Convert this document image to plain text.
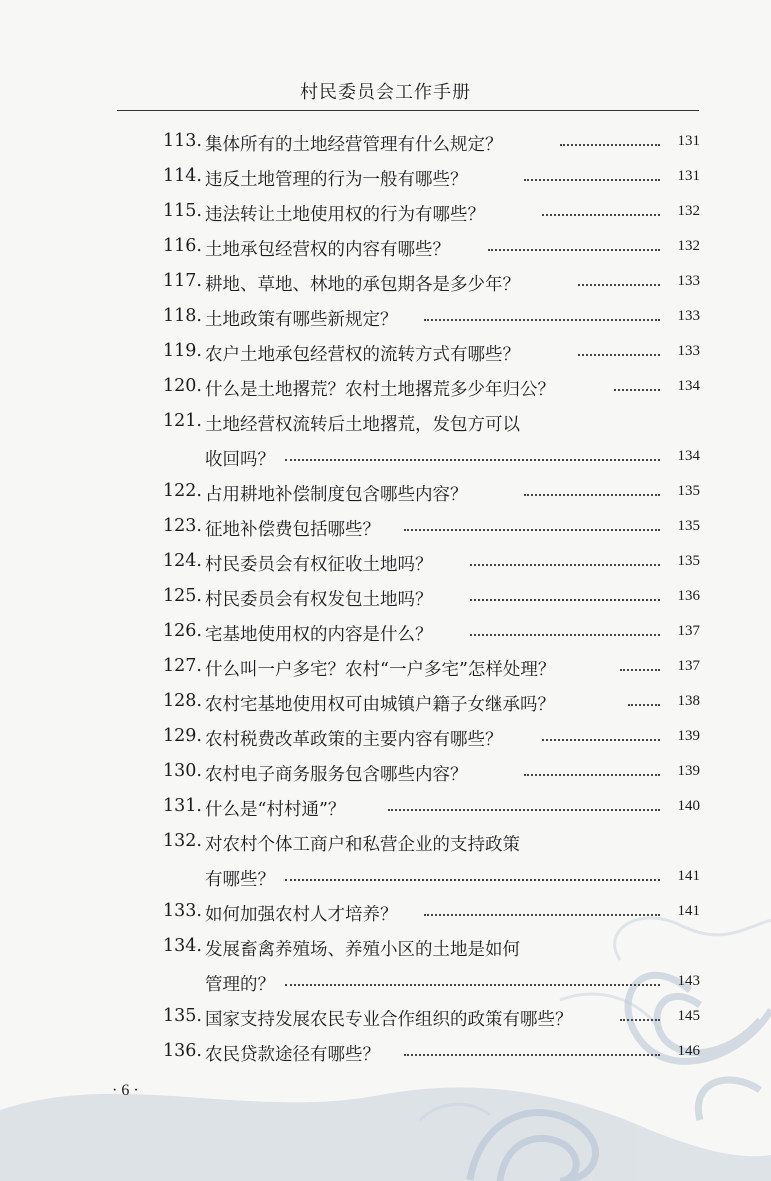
村民委员会工作手册
113. 集体所有的土地经营管理有什么规定？	131
114. 违反土地管理的行为一般有哪些？	131
115. 违法转让土地使用权的行为有哪些？	132
116. 土地承包经营权的内容有哪些？	132
117. 耕地、草地、林地的承包期各是多少年？	133
118. 土地政策有哪些新规定？	133
119. 农户土地承包经营权的流转方式有哪些？	133
120. 什么是土地撂荒？农村土地撂荒多少年归公？	134
121. 土地经营权流转后土地撂荒，发包方可以
收回吗？	134
122. 占用耕地补偿制度包含哪些内容？	135
123. 征地补偿费包括哪些？	135
124. 村民委员会有权征收土地吗？	135
125. 村民委员会有权发包土地吗？	136
126. 宅基地使用权的内容是什么？	137
127. 什么叫一户多宅？农村“一户多宅”怎样处理？	137
128. 农村宅基地使用权可由城镇户籍子女继承吗？	138
129. 农村税费改革政策的主要内容有哪些？	139
130. 农村电子商务服务包含哪些内容？	139
131. 什么是“村村通”？	140
132. 对农村个体工商户和私营企业的支持政策
有哪些？	141
133. 如何加强农村人才培养？	141
134. 发展畜禽养殖场、养殖小区的土地是如何
管理的？	143
135. 国家支持发展农民专业合作组织的政策有哪些？	145
136. 农民贷款途径有哪些？	146
· 6 ·
